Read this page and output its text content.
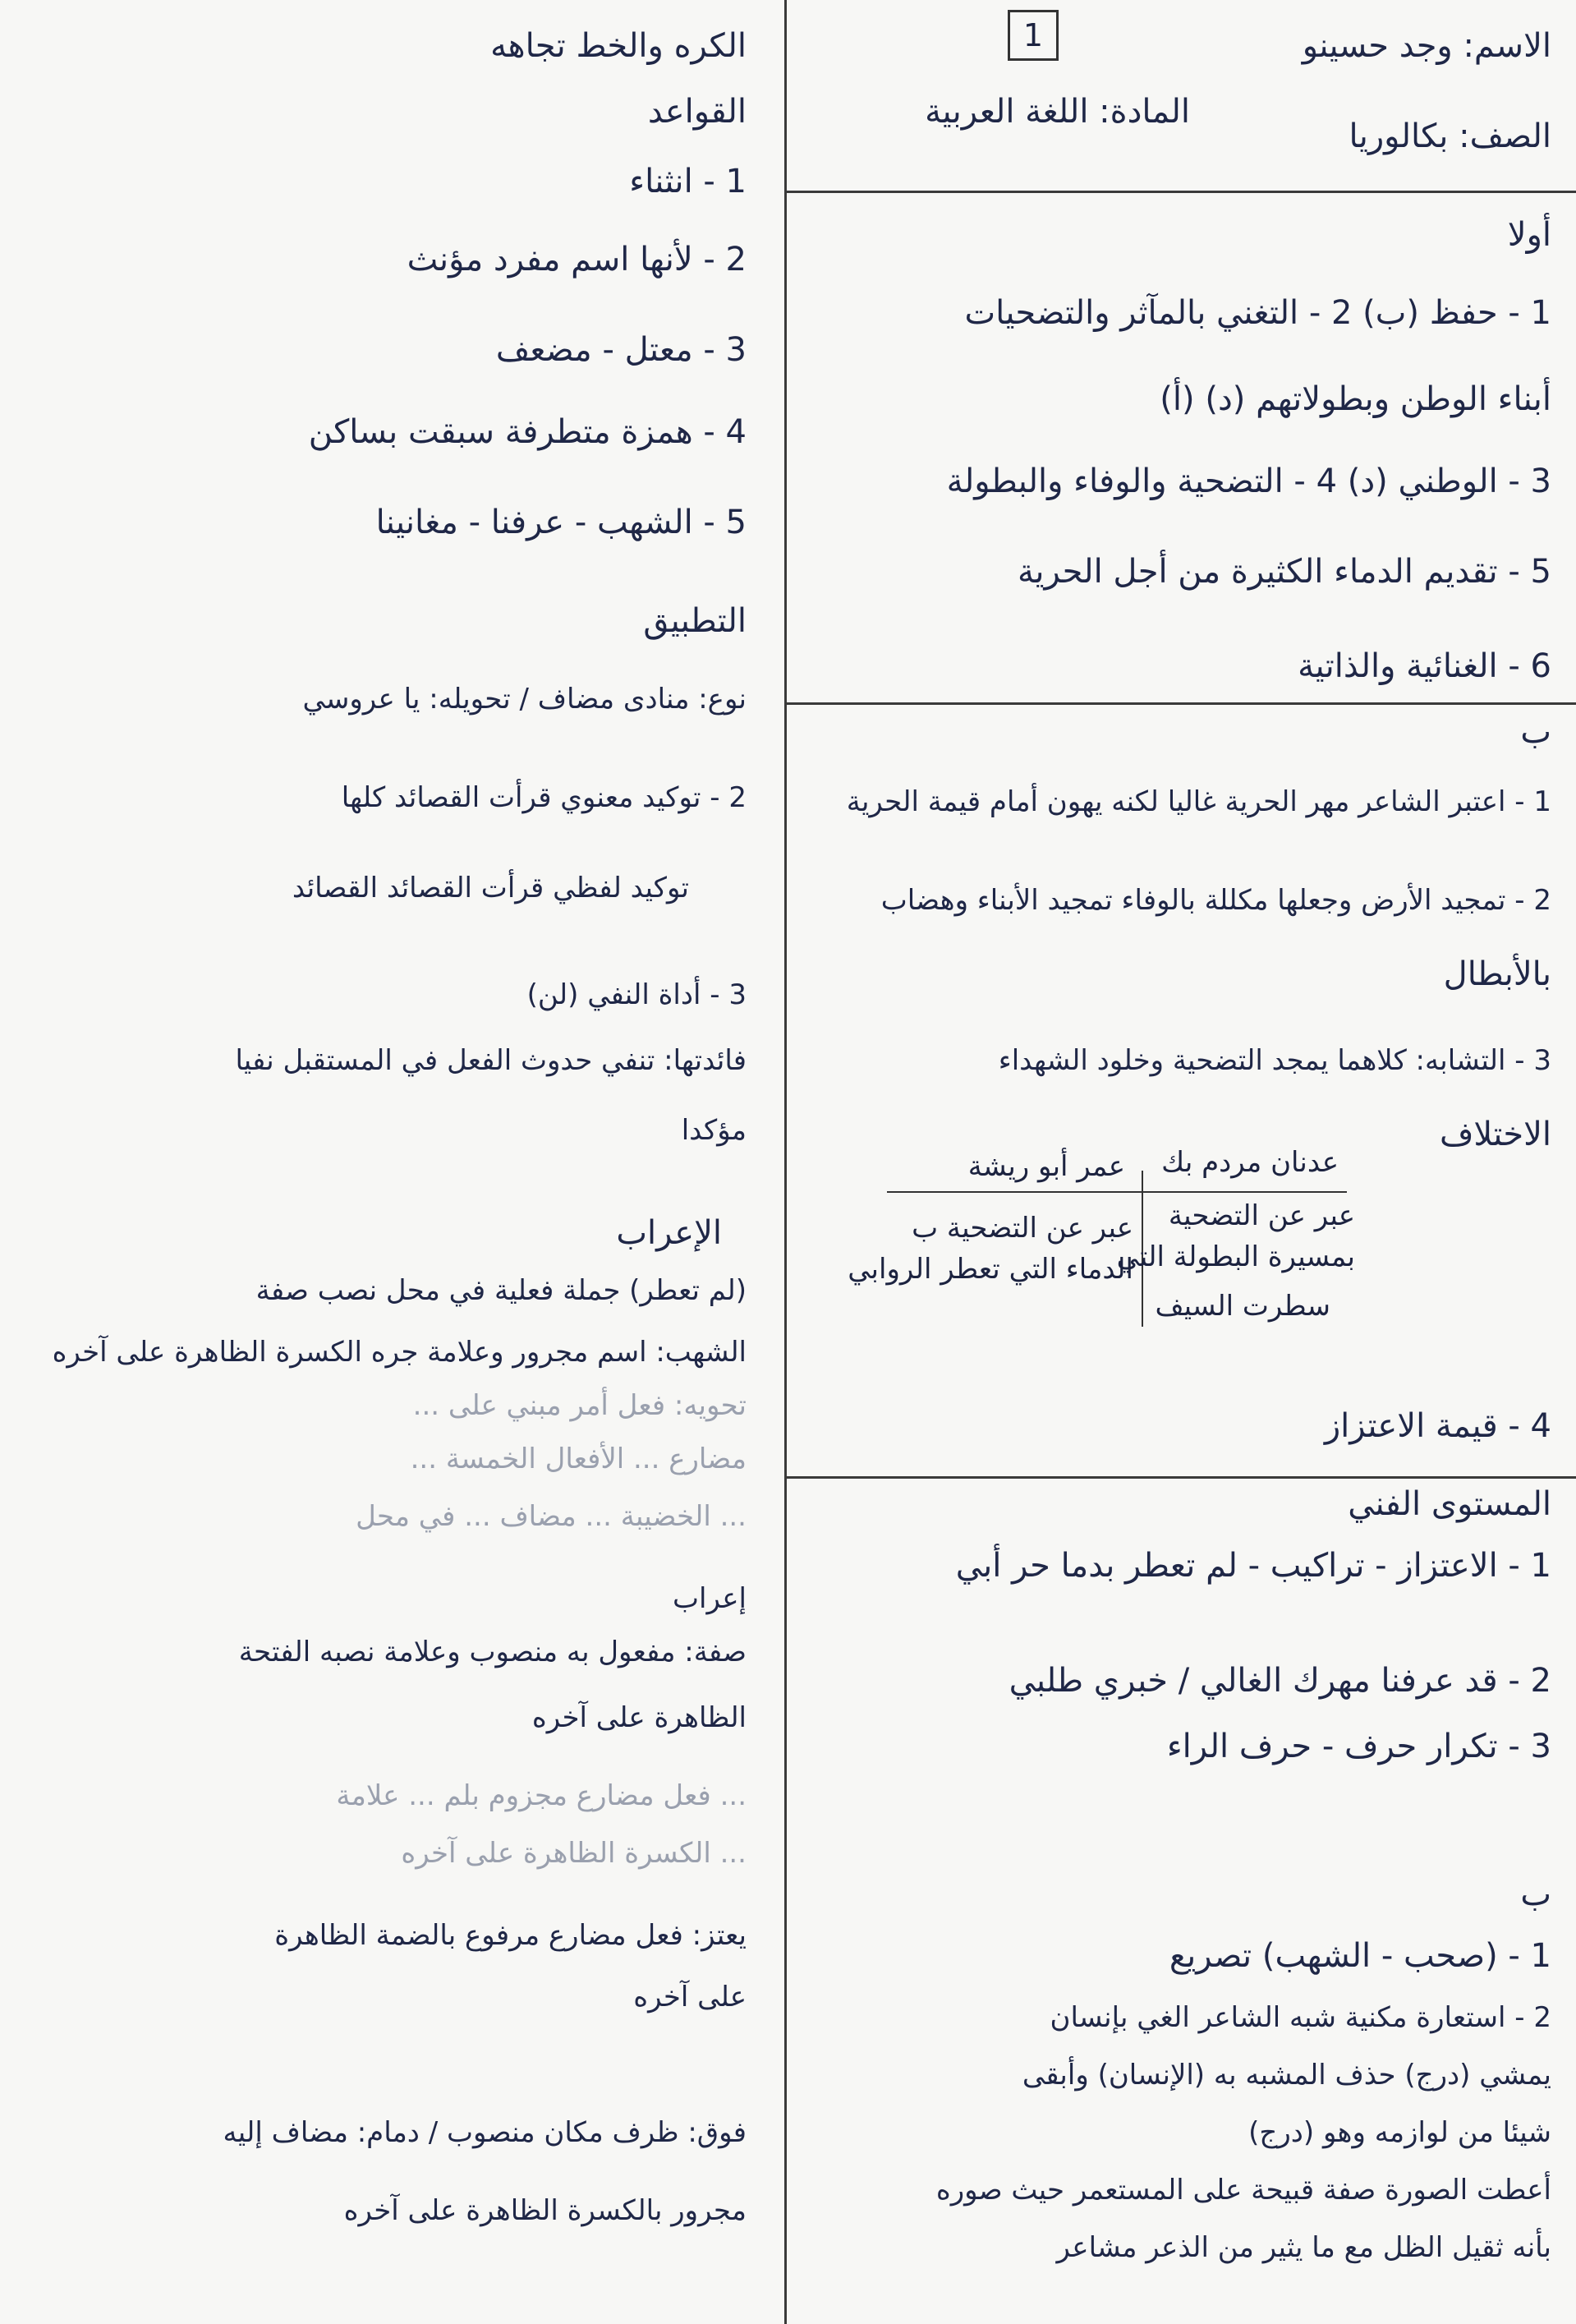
الاسم: وجد حسينو
1
الصف: بكالوريا
المادة: اللغة العربية
الكره والخط تجاهه
أولا
1 - حفظ (ب) 2 - التغني بالمآثر والتضحيات
أبناء الوطن وبطولاتهم (د) (أ)
3 - الوطني (د) 4 - التضحية والوفاء والبطولة
5 - تقديم الدماء الكثيرة من أجل الحرية
6 - الغنائية والذاتية
ب
1 - اعتبر الشاعر مهر الحرية غاليا لكنه يهون أمام قيمة الحرية
2 - تمجيد الأرض وجعلها مكللة بالوفاء تمجيد الأبناء وهضاب
بالأبطال
3 - التشابه: كلاهما يمجد التضحية وخلود الشهداء
الاختلاف
عدنان مردم بك
عمر أبو ريشة
عبر عن التضحية
بمسيرة البطولة التي
سطرت السيف
عبر عن التضحية ب
الدماء التي تعطر الروابي
4 - قيمة الاعتزاز
المستوى الفني
1 - الاعتزاز - تراكيب - لم تعطر بدما حر أبي
2 - قد عرفنا مهرك الغالي / خبري طلبي
3 - تكرار حرف - حرف الراء
ب
1 - (صحب - الشهب) تصريع
2 - استعارة مكنية شبه الشاعر الغي بإنسان
يمشي (درج) حذف المشبه به (الإنسان) وأبقى
شيئا من لوازمه وهو (درج)
أعطت الصورة صفة قبيحة على المستعمر حيث صوره
بأنه ثقيل الظل مع ما يثير من الذعر مشاعر
القواعد
1 - انثناء
2 - لأنها اسم مفرد مؤنث
3 - معتل - مضعف
4 - همزة متطرفة سبقت بساكن
5 - الشهب - عرفنا - مغانينا
التطبيق
نوع: منادى مضاف / تحويله: يا عروسي
2 - توكيد معنوي قرأت القصائد كلها
توكيد لفظي قرأت القصائد القصائد
3 - أداة النفي (لن)
فائدتها: تنفي حدوث الفعل في المستقبل نفيا
مؤكدا
الإعراب
(لم تعطر) جملة فعلية في محل نصب صفة
الشهب: اسم مجرور وعلامة جره الكسرة الظاهرة على آخره
تحويه: فعل أمر مبني على ...
مضارع ... الأفعال الخمسة ...
... الخضيبة ... مضاف ... في محل
إعراب
صفة: مفعول به منصوب وعلامة نصبه الفتحة
الظاهرة على آخره
... فعل مضارع مجزوم بلم ... علامة
... الكسرة الظاهرة على آخره
يعتز: فعل مضارع مرفوع بالضمة الظاهرة
على آخره
فوق: ظرف مكان منصوب / دمام: مضاف إليه
مجرور بالكسرة الظاهرة على آخره
